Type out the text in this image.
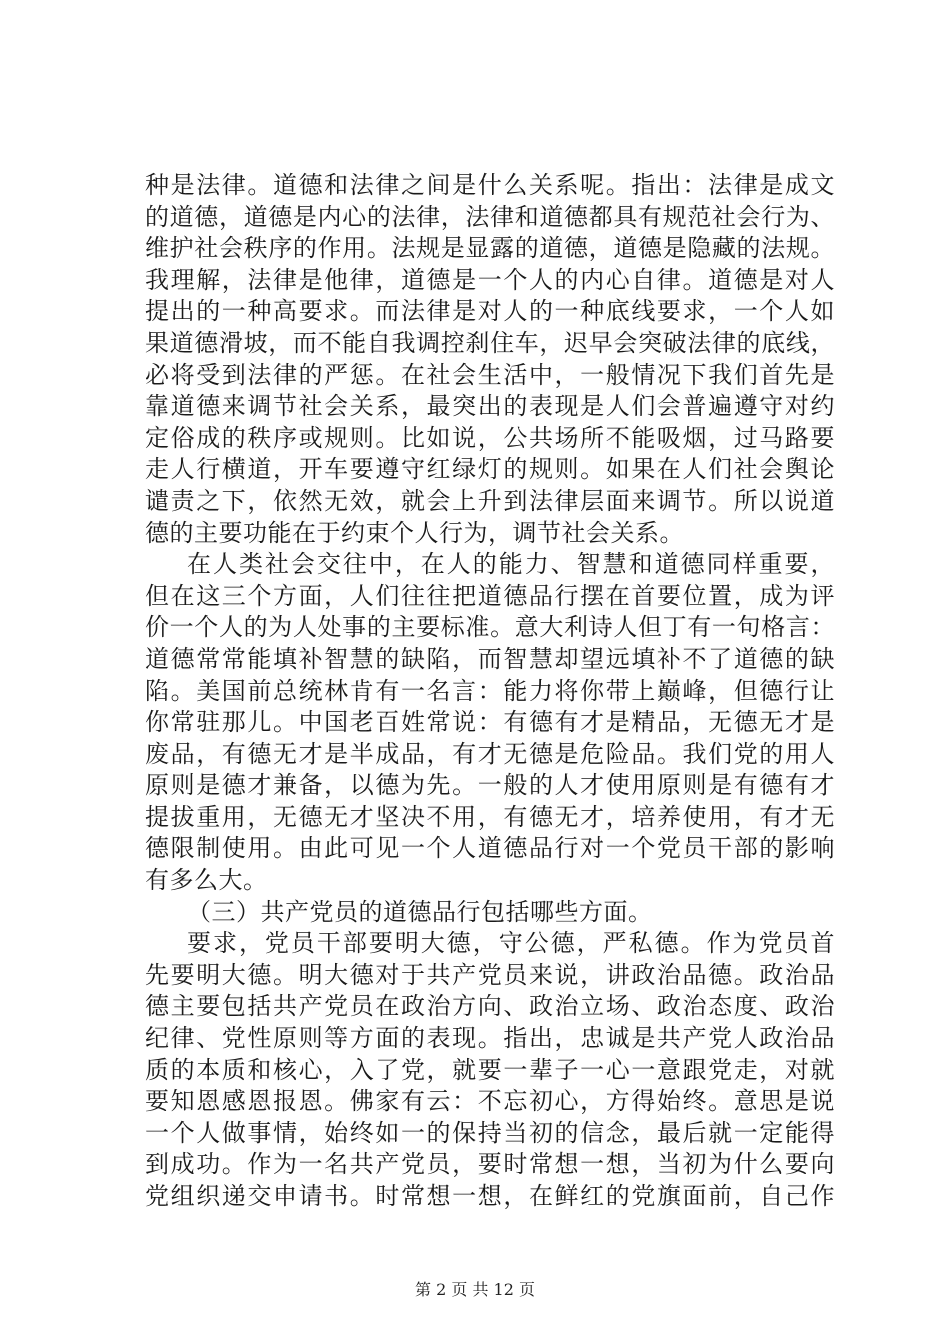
种是法律。道德和法律之间是什么关系呢。指出：法律是成文
的道德，道德是内心的法律，法律和道德都具有规范社会行为、
维护社会秩序的作用。法规是显露的道德，道德是隐藏的法规。
我理解，法律是他律，道德是一个人的内心自律。道德是对人
提出的一种高要求。而法律是对人的一种底线要求，一个人如
果道德滑坡，而不能自我调控刹住车，迟早会突破法律的底线，
必将受到法律的严惩。在社会生活中，一般情况下我们首先是
靠道德来调节社会关系，最突出的表现是人们会普遍遵守对约
定俗成的秩序或规则。比如说，公共场所不能吸烟，过马路要
走人行横道，开车要遵守红绿灯的规则。如果在人们社会舆论
谴责之下，依然无效，就会上升到法律层面来调节。所以说道
德的主要功能在于约束个人行为，调节社会关系。
在人类社会交往中，在人的能力、智慧和道德同样重要，
但在这三个方面，人们往往把道德品行摆在首要位置，成为评
价一个人的为人处事的主要标准。意大利诗人但丁有一句格言：
道德常常能填补智慧的缺陷，而智慧却望远填补不了道德的缺
陷。美国前总统林肯有一名言：能力将你带上巅峰，但德行让
你常驻那儿。中国老百姓常说：有德有才是精品，无德无才是
废品，有德无才是半成品，有才无德是危险品。我们党的用人
原则是德才兼备，以德为先。一般的人才使用原则是有德有才
提拔重用，无德无才坚决不用，有德无才，培养使用，有才无
德限制使用。由此可见一个人道德品行对一个党员干部的影响
有多么大。
（三）共产党员的道德品行包括哪些方面。
要求，党员干部要明大德，守公德，严私德。作为党员首
先要明大德。明大德对于共产党员来说，讲政治品德。政治品
德主要包括共产党员在政治方向、政治立场、政治态度、政治
纪律、党性原则等方面的表现。指出，忠诚是共产党人政治品
质的本质和核心，入了党，就要一辈子一心一意跟党走，对就
要知恩感恩报恩。佛家有云：不忘初心，方得始终。意思是说
一个人做事情，始终如一的保持当初的信念，最后就一定能得
到成功。作为一名共产党员，要时常想一想，当初为什么要向
党组织递交申请书。时常想一想，在鲜红的党旗面前，自己作
第 2 页 共 12 页
